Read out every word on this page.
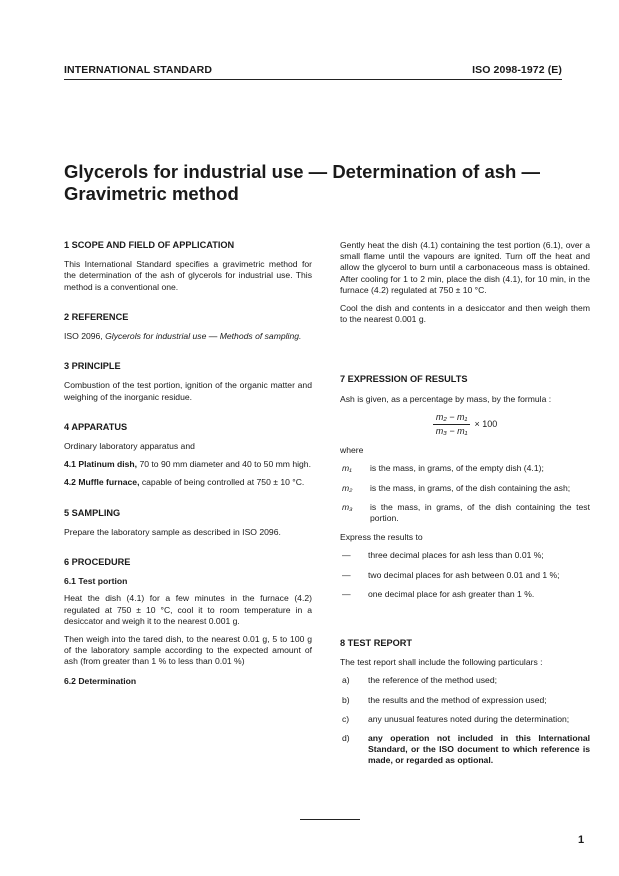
INTERNATIONAL STANDARD	ISO 2098-1972 (E)
Glycerols for industrial use — Determination of ash — Gravimetric method
1 SCOPE AND FIELD OF APPLICATION

This International Standard specifies a gravimetric method for the determination of the ash of glycerols for industrial use. This method is a conventional one.

2 REFERENCE

ISO 2096, Glycerols for industrial use — Methods of sampling.

3 PRINCIPLE

Combustion of the test portion, ignition of the organic matter and weighing of the inorganic residue.

4 APPARATUS

Ordinary laboratory apparatus and

4.1 Platinum dish, 70 to 90 mm diameter and 40 to 50 mm high.

4.2 Muffle furnace, capable of being controlled at 750 ± 10 °C.

5 SAMPLING

Prepare the laboratory sample as described in ISO 2096.

6 PROCEDURE
6.1 Test portion

Heat the dish (4.1) for a few minutes in the furnace (4.2) regulated at 750 ± 10 °C, cool it to room temperature in a desiccator and weigh it to the nearest 0.001 g.

Then weigh into the tared dish, to the nearest 0.01 g, 5 to 100 g of the laboratory sample according to the expected amount of ash (from greater than 1 % to less than 0.01 %)

6.2 Determination

Gently heat the dish (4.1) containing the test portion (6.1), over a small flame until the vapours are ignited. Turn off the heat and allow the glycerol to burn until a carbonaceous mass is obtained. After cooling for 1 to 2 min, place the dish (4.1), for 10 min, in the furnace (4.2) regulated at 750 ± 10 °C.

Cool the dish and contents in a desiccator and then weigh them to the nearest 0.001 g.

7 EXPRESSION OF RESULTS

Ash is given, as a percentage by mass, by the formula :

$\frac{\text{m₂ − m₁}}{\text{m₃ − m₁}} \times 100$

where

m₁	is the mass, in grams, of the empty dish (4.1);
m₂	is the mass, in grams, of the dish containing the ash;
m₃	is the mass, in grams, of the dish containing the test portion.

Express the results to

—	three decimal places for ash less than 0.01 %;
—	two decimal places for ash between 0.01 and 1 %;
—	one decimal place for ash greater than 1 %.
8 TEST REPORT

The test report shall include the following particulars :

a)	the reference of the method used;
b)	the results and the method of expression used;
c)	any unusual features noted during the determination;
d)	any operation not included in this International Standard, or the ISO document to which reference is made, or regarded as optional.
1
